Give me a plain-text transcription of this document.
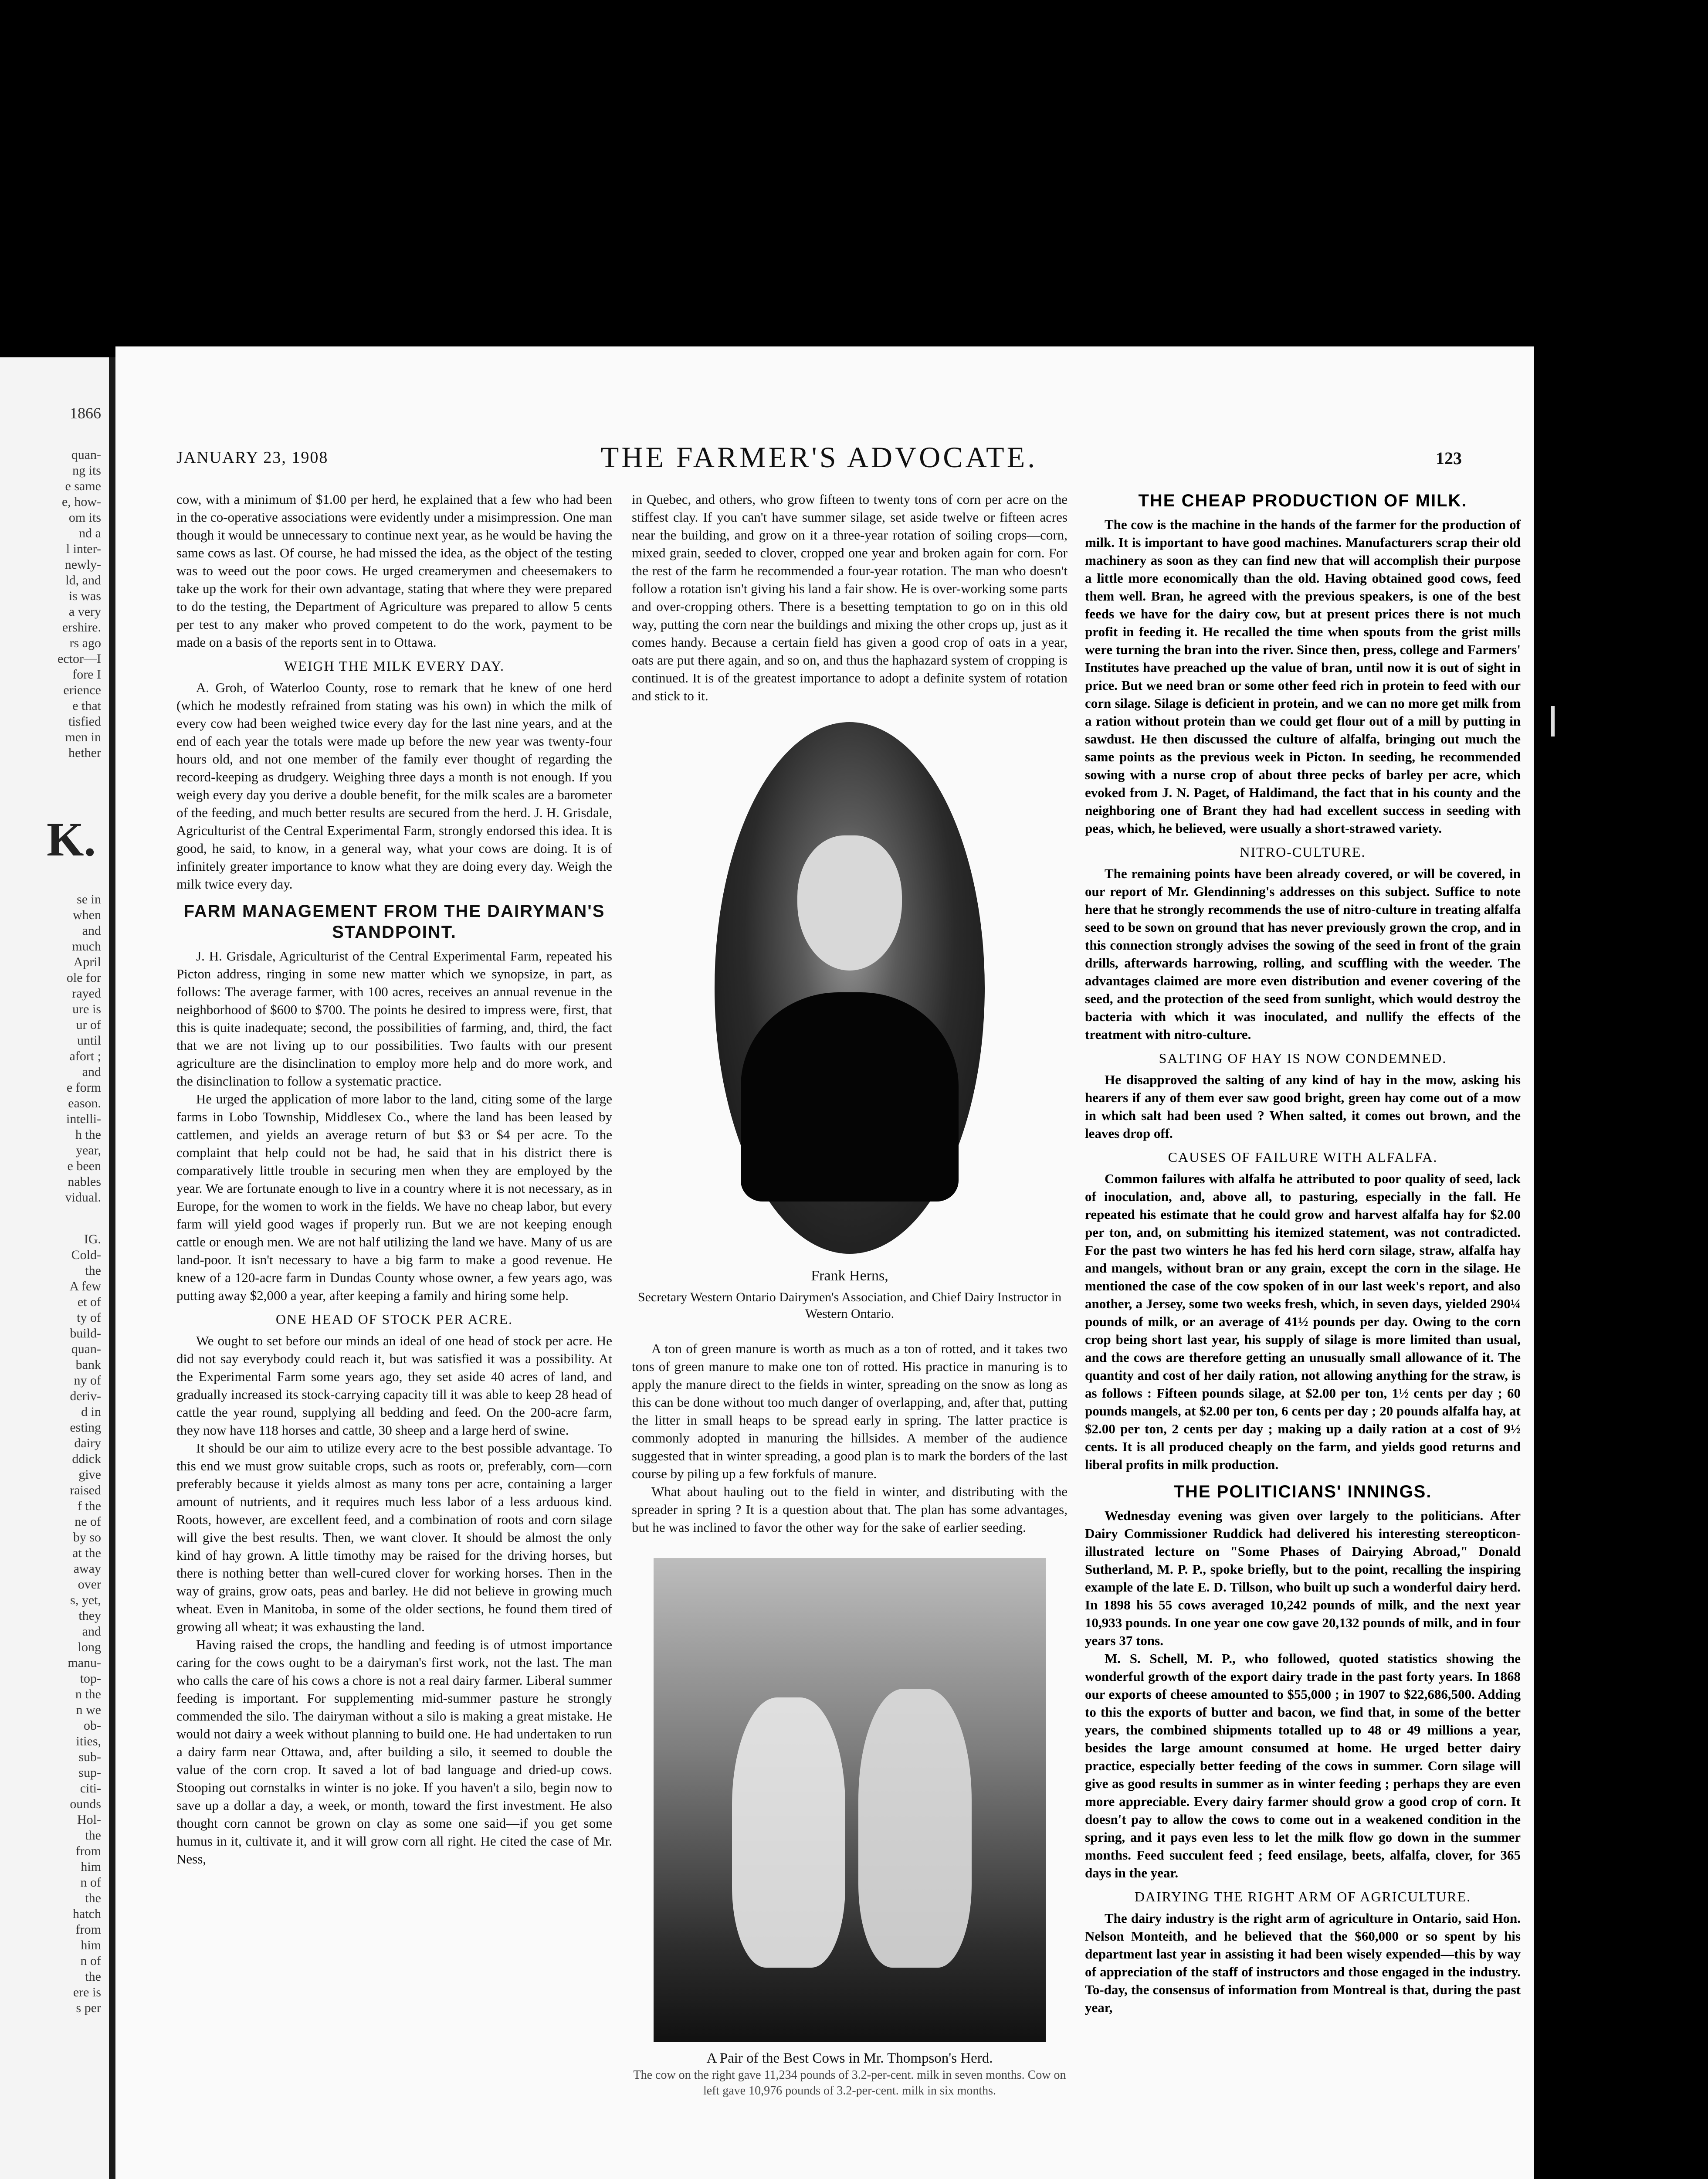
1866
quan-
ng its
e same
e, how-
om its
nd a
l inter-
newly-
ld, and
is was
a very
ershire.
rs ago
ector—I
fore I
erience
e that
tisfied
men in
hether
K.
se in
when
and
much
April
ole for
rayed
ure is
ur of
until
afort ;
and
e form
eason.
intelli-
h the
year,
e been
nables
vidual.
IG.
Cold-
the
A few
et of
ty of
build-
quan-
bank
ny of
deriv-
d in
esting
dairy
ddick
give
raised
f the
ne of
by so
at the
away
over
s, yet,
they
and
long
manu-
top-
n the
n we
ob-
ities,
sub-
sup-
citi-
ounds
Hol-
the
from
him
n of
the
hatch
from
him
n of
the
ere is
s per
JANUARY 23, 1908	THE FARMER'S ADVOCATE.	123

cow, with a minimum of $1.00 per herd, he explained that a few who had been in the co-operative associations were evidently under a misimpression. One man though it would be unnecessary to continue next year, as he would be having the same cows as last. Of course, he had missed the idea, as the object of the testing was to weed out the poor cows. He urged creamerymen and cheesemakers to take up the work for their own advantage, stating that where they were prepared to do the testing, the Department of Agriculture was prepared to allow 5 cents per test to any maker who proved competent to do the work, payment to be made on a basis of the reports sent in to Ottawa.

WEIGH THE MILK EVERY DAY.

A. Groh, of Waterloo County, rose to remark that he knew of one herd (which he modestly refrained from stating was his own) in which the milk of every cow had been weighed twice every day for the last nine years, and at the end of each year the totals were made up before the new year was twenty-four hours old, and not one member of the family ever thought of regarding the record-keeping as drudgery. Weighing three days a month is not enough. If you weigh every day you derive a double benefit, for the milk scales are a barometer of the feeding, and much better results are secured from the herd. J. H. Grisdale, Agriculturist of the Central Experimental Farm, strongly endorsed this idea. It is good, he said, to know, in a general way, what your cows are doing. It is of infinitely greater importance to know what they are doing every day. Weigh the milk twice every day.

FARM MANAGEMENT FROM THE DAIRYMAN'S STANDPOINT.

J. H. Grisdale, Agriculturist of the Central Experimental Farm, repeated his Picton address, ringing in some new matter which we synopsize, in part, as follows: The average farmer, with 100 acres, receives an annual revenue in the neighborhood of $600 to $700. The points he desired to impress were, first, that this is quite inadequate; second, the possibilities of farming, and, third, the fact that we are not living up to our possibilities. Two faults with our present agriculture are the disinclination to employ more help and do more work, and the disinclination to follow a systematic practice.

He urged the application of more labor to the land, citing some of the large farms in Lobo Township, Middlesex Co., where the land has been leased by cattlemen, and yields an average return of but $3 or $4 per acre. To the complaint that help could not be had, he said that in his district there is comparatively little trouble in securing men when they are employed by the year. We are fortunate enough to live in a country where it is not necessary, as in Europe, for the women to work in the fields. We have no cheap labor, but every farm will yield good wages if properly run. But we are not keeping enough cattle or enough men. We are not half utilizing the land we have. Many of us are land-poor. It isn't necessary to have a big farm to make a good revenue. He knew of a 120-acre farm in Dundas County whose owner, a few years ago, was putting away $2,000 a year, after keeping a family and hiring some help.

ONE HEAD OF STOCK PER ACRE.

We ought to set before our minds an ideal of one head of stock per acre. He did not say everybody could reach it, but was satisfied it was a possibility. At the Experimental Farm some years ago, they set aside 40 acres of land, and gradually increased its stock-carrying capacity till it was able to keep 28 head of cattle the year round, supplying all bedding and feed. On the 200-acre farm, they now have 118 horses and cattle, 30 sheep and a large herd of swine.

It should be our aim to utilize every acre to the best possible advantage. To this end we must grow suitable crops, such as roots or, preferably, corn—corn preferably because it yields almost as many tons per acre, containing a larger amount of nutrients, and it requires much less labor of a less arduous kind. Roots, however, are excellent feed, and a combination of roots and corn silage will give the best results. Then, we want clover. It should be almost the only kind of hay grown. A little timothy may be raised for the driving horses, but there is nothing better than well-cured clover for working horses. Then in the way of grains, grow oats, peas and barley. He did not believe in growing much wheat. Even in Manitoba, in some of the older sections, he found them tired of growing all wheat; it was exhausting the land.

Having raised the crops, the handling and feeding is of utmost importance caring for the cows ought to be a dairyman's first work, not the last. The man who calls the care of his cows a chore is not a real dairy farmer. Liberal summer feeding is important. For supplementing mid-summer pasture he strongly commended the silo. The dairyman without a silo is making a great mistake. He would not dairy a week without planning to build one. He had undertaken to run a dairy farm near Ottawa, and, after building a silo, it seemed to double the value of the corn crop. It saved a lot of bad language and dried-up cows. Stooping out cornstalks in winter is no joke. If you haven't a silo, begin now to save up a dollar a day, a week, or month, toward the first investment. He also thought corn cannot be grown on clay as some one said—if you get some humus in it, cultivate it, and it will grow corn all right. He cited the case of Mr. Ness,

in Quebec, and others, who grow fifteen to twenty tons of corn per acre on the stiffest clay. If you can't have summer silage, set aside twelve or fifteen acres near the building, and grow on it a three-year rotation of soiling crops—corn, mixed grain, seeded to clover, cropped one year and broken again for corn. For the rest of the farm he recommended a four-year rotation. The man who doesn't follow a rotation isn't giving his land a fair show. He is over-working some parts and over-cropping others. There is a besetting temptation to go on in this old way, putting the corn near the buildings and mixing the other crops up, just as it comes handy. Because a certain field has given a good crop of oats in a year, oats are put there again, and so on, and thus the haphazard system of cropping is continued. It is of the greatest importance to adopt a definite system of rotation and stick to it.

Frank Herns,
Secretary Western Ontario Dairymen's Association, and Chief Dairy Instructor in Western Ontario.

A ton of green manure is worth as much as a ton of rotted, and it takes two tons of green manure to make one ton of rotted. His practice in manuring is to apply the manure direct to the fields in winter, spreading on the snow as long as this can be done without too much danger of overlapping, and, after that, putting the litter in small heaps to be spread early in spring. The latter practice is commonly adopted in manuring the hillsides. A member of the audience suggested that in winter spreading, a good plan is to mark the borders of the last course by piling up a few forkfuls of manure.

What about hauling out to the field in winter, and distributing with the spreader in spring ? It is a question about that. The plan has some advantages, but he was inclined to favor the other way for the sake of earlier seeding.

A Pair of the Best Cows in Mr. Thompson's Herd.
The cow on the right gave 11,234 pounds of 3.2-per-cent. milk in seven months. Cow on left gave 10,976 pounds of 3.2-per-cent. milk in six months.
THE CHEAP PRODUCTION OF MILK.

The cow is the machine in the hands of the farmer for the production of milk. It is important to have good machines. Manufacturers scrap their old machinery as soon as they can find new that will accomplish their purpose a little more economically than the old. Having obtained good cows, feed them well. Bran, he agreed with the previous speakers, is one of the best feeds we have for the dairy cow, but at present prices there is not much profit in feeding it. He recalled the time when spouts from the grist mills were turning the bran into the river. Since then, press, college and Farmers' Institutes have preached up the value of bran, until now it is out of sight in price. But we need bran or some other feed rich in protein to feed with our corn silage. Silage is deficient in protein, and we can no more get milk from a ration without protein than we could get flour out of a mill by putting in sawdust. He then discussed the culture of alfalfa, bringing out much the same points as the previous week in Picton. In seeding, he recommended sowing with a nurse crop of about three pecks of barley per acre, which evoked from J. N. Paget, of Haldimand, the fact that in his county and the neighboring one of Brant they had had excellent success in seeding with peas, which, he believed, were usually a short-strawed variety.

NITRO-CULTURE.

The remaining points have been already covered, or will be covered, in our report of Mr. Glendinning's addresses on this subject. Suffice to note here that he strongly recommends the use of nitro-culture in treating alfalfa seed to be sown on ground that has never previously grown the crop, and in this connection strongly advises the sowing of the seed in front of the grain drills, afterwards harrowing, rolling, and scuffling with the weeder. The advantages claimed are more even distribution and evener covering of the seed, and the protection of the seed from sunlight, which would destroy the bacteria with which it was inoculated, and nullify the effects of the treatment with nitro-culture.

SALTING OF HAY IS NOW CONDEMNED.

He disapproved the salting of any kind of hay in the mow, asking his hearers if any of them ever saw good bright, green hay come out of a mow in which salt had been used ? When salted, it comes out brown, and the leaves drop off.

CAUSES OF FAILURE WITH ALFALFA.

Common failures with alfalfa he attributed to poor quality of seed, lack of inoculation, and, above all, to pasturing, especially in the fall. He repeated his estimate that he could grow and harvest alfalfa hay for $2.00 per ton, and, on submitting his itemized statement, was not contradicted. For the past two winters he has fed his herd corn silage, straw, alfalfa hay and mangels, without bran or any grain, except the corn in the silage. He mentioned the case of the cow spoken of in our last week's report, and also another, a Jersey, some two weeks fresh, which, in seven days, yielded 290¼ pounds of milk, or an average of 41½ pounds per day. Owing to the corn crop being short last year, his supply of silage is more limited than usual, and the cows are therefore getting an unusually small allowance of it. The quantity and cost of her daily ration, not allowing anything for the straw, is as follows : Fifteen pounds silage, at $2.00 per ton, 1½ cents per day ; 60 pounds mangels, at $2.00 per ton, 6 cents per day ; 20 pounds alfalfa hay, at $2.00 per ton, 2 cents per day ; making up a daily ration at a cost of 9½ cents. It is all produced cheaply on the farm, and yields good returns and liberal profits in milk production.

THE POLITICIANS' INNINGS.

Wednesday evening was given over largely to the politicians. After Dairy Commissioner Ruddick had delivered his interesting stereopticon-illustrated lecture on "Some Phases of Dairying Abroad," Donald Sutherland, M. P. P., spoke briefly, but to the point, recalling the inspiring example of the late E. D. Tillson, who built up such a wonderful dairy herd. In 1898 his 55 cows averaged 10,242 pounds of milk, and the next year 10,933 pounds. In one year one cow gave 20,132 pounds of milk, and in four years 37 tons.

M. S. Schell, M. P., who followed, quoted statistics showing the wonderful growth of the export dairy trade in the past forty years. In 1868 our exports of cheese amounted to $55,000 ; in 1907 to $22,686,500. Adding to this the exports of butter and bacon, we find that, in some of the better years, the combined shipments totalled up to 48 or 49 millions a year, besides the large amount consumed at home. He urged better dairy practice, especially better feeding of the cows in summer. Corn silage will give as good results in summer as in winter feeding ; perhaps they are even more appreciable. Every dairy farmer should grow a good crop of corn. It doesn't pay to allow the cows to come out in a weakened condition in the spring, and it pays even less to let the milk flow go down in the summer months. Feed succulent feed ; feed ensilage, beets, alfalfa, clover, for 365 days in the year.

DAIRYING THE RIGHT ARM OF AGRICULTURE.

The dairy industry is the right arm of agriculture in Ontario, said Hon. Nelson Monteith, and he believed that the $60,000 or so spent by his department last year in assisting it had been wisely expended—this by way of appreciation of the staff of instructors and those engaged in the industry. To-day, the consensus of information from Montreal is that, during the past year,
